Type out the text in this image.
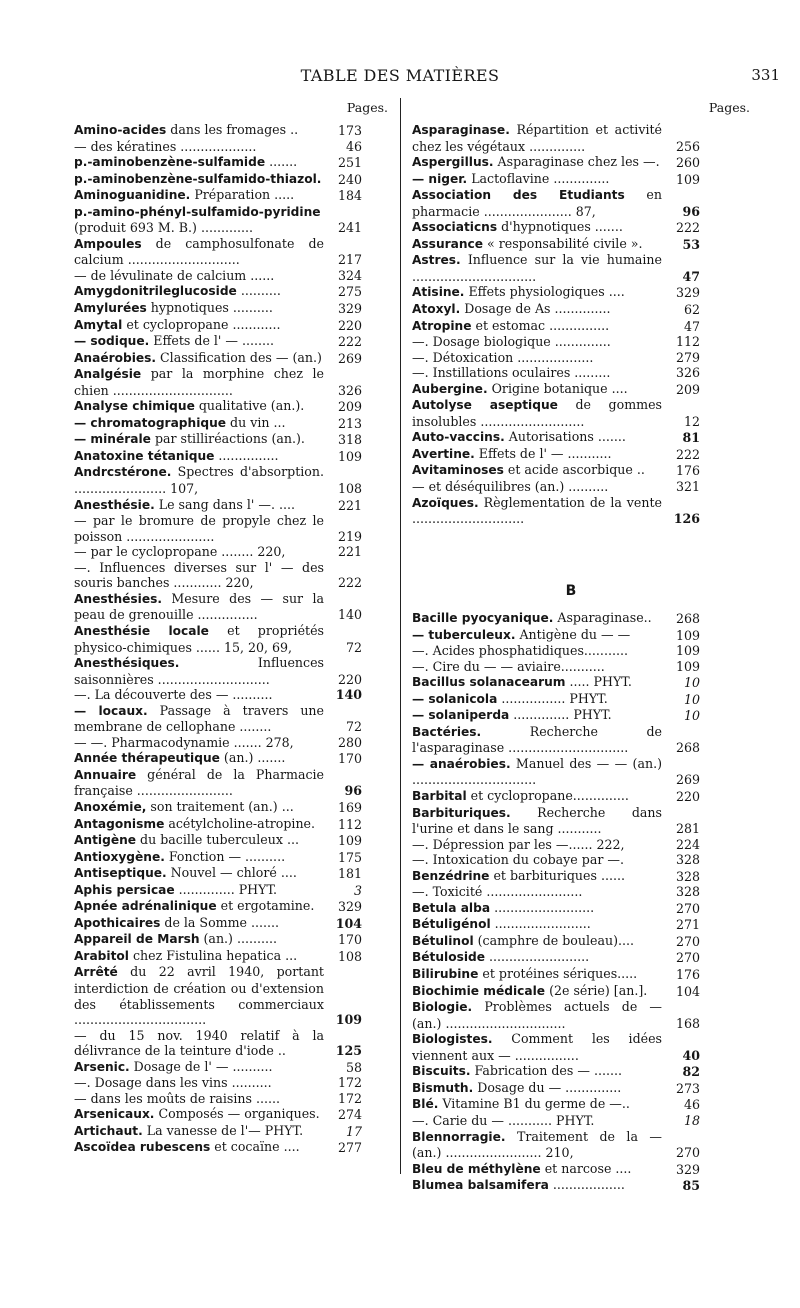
TABLE DES MATIÈRES	331
Pages.	Pages.
Amino-acides dans les fromages ..	173
— des kératines ...................	46
p.-aminobenzène-sulfamide .......	251
p.-aminobenzène-sulfamido-thiazol.	240
Aminoguanidine. Préparation .....	184
p.-amino-phényl-sulfamido-pyridine (produit 693 M. B.) .............	241
Ampoules de camphosulfonate de calcium ............................	217
— de lévulinate de calcium ......	324
Amygdonitrileglucoside ..........	275
Amylurées hypnotiques ..........	329
Amytal et cyclopropane ............	220
— sodique. Effets de l' — ........	222
Anaérobies. Classification des — (an.)	269
Analgésie par la morphine chez le chien ..............................	326
Analyse chimique qualitative (an.).	209
— chromatographique du vin ...	213
— minérale par stilliréactions (an.).	318
Anatoxine tétanique ...............	109
Andrcstérone. Spectres d'absorption. ....................... 107,	108
Anesthésie. Le sang dans l' —. ....	221
— par le bromure de propyle chez le poisson ......................	219
— par le cyclopropane ........ 220,	221
—. Influences diverses sur l' — des souris banches ............ 220,	222
Anesthésies. Mesure des — sur la peau de grenouille ...............	140
Anesthésie locale et propriétés physico-chimiques ...... 15, 20, 69,	72
Anesthésiques. Influences saisonnières ............................	220
—. La découverte des — ..........	140
— locaux. Passage à travers une membrane de cellophane ........	72
— —. Pharmacodynamie ....... 278,	280
Année thérapeutique (an.) .......	170
Annuaire général de la Pharmacie française ........................	96
Anoxémie, son traitement (an.) ...	169
Antagonisme acétylcholine-atropine.	112
Antigène du bacille tuberculeux ...	109
Antioxygène. Fonction — ..........	175
Antiseptique. Nouvel — chloré ....	181
Aphis persicae .............. PHYT.	3
Apnée adrénalinique et ergotamine.	329
Apothicaires de la Somme .......	104
Appareil de Marsh (an.) ..........	170
Arabitol chez Fistulina hepatica ...	108
Arrêté du 22 avril 1940, portant interdiction de création ou d'extension des établissements commerciaux .................................	109
— du 15 nov. 1940 relatif à la délivrance de la teinture d'iode ..	125
Arsenic. Dosage de l' — ..........	58
—. Dosage dans les vins ..........	172
— dans les moûts de raisins ......	172
Arsenicaux. Composés — organiques.	274
Artichaut. La vanesse de l'— PHYT.	17
Ascoïdea rubescens et cocaïne ....	277
Asparaginase. Répartition et activité chez les végétaux ..............	256
Aspergillus. Asparaginase chez les —.	260
— niger. Lactoflavine ..............	109
Association des Etudiants en pharmacie ...................... 87,	96
Associaticns d'hypnotiques .......	222
Assurance « responsabilité civile ».	53
Astres. Influence sur la vie humaine ...............................	47
Atisine. Effets physiologiques ....	329
Atoxyl. Dosage de As ..............	62
Atropine et estomac ...............	47
—. Dosage biologique ..............	112
—. Détoxication ...................	279
—. Instillations oculaires .........	326
Aubergine. Origine botanique ....	209
Autolyse aseptique de gommes insolubles ..........................	12
Auto-vaccins. Autorisations .......	81
Avertine. Effets de l' — ...........	222
Avitaminoses et acide ascorbique ..	176
— et déséquilibres (an.) ..........	321
Azoïques. Règlementation de la vente ............................	126
B
Bacille pyocyanique. Asparaginase..	268
— tuberculeux. Antigène du — —	109
—. Acides phosphatidiques...........	109
—. Cire du — — aviaire...........	109
Bacillus solanacearum ..... PHYT.	10
— solanicola ................ PHYT.	10
— solaniperda .............. PHYT.	10
Bactéries. Recherche de l'asparaginase ..............................	268
— anaérobies. Manuel des — — (an.) ...............................	269
Barbital et cyclopropane..............	220
Barbituriques. Recherche dans l'urine et dans le sang ...........	281
—. Dépression par les —...... 222,	224
—. Intoxication du cobaye par —.	328
Benzédrine et barbituriques ......	328
—. Toxicité ........................	328
Betula alba .........................	270
Bétuligénol ........................	271
Bétulinol (camphre de bouleau)....	270
Bétuloside .........................	270
Bilirubine et protéines sériques.....	176
Biochimie médicale (2e série) [an.].	104
Biologie. Problèmes actuels de — (an.) ..............................	168
Biologistes. Comment les idées viennent aux — ................	40
Biscuits. Fabrication des — .......	82
Bismuth. Dosage du — ..............	273
Blé. Vitamine B1 du germe de —..	46
—. Carie du — ........... PHYT.	18
Blennorragie. Traitement de la — (an.) ........................ 210,	270
Bleu de méthylène et narcose ....	329
Blumea balsamifera ..................	85
